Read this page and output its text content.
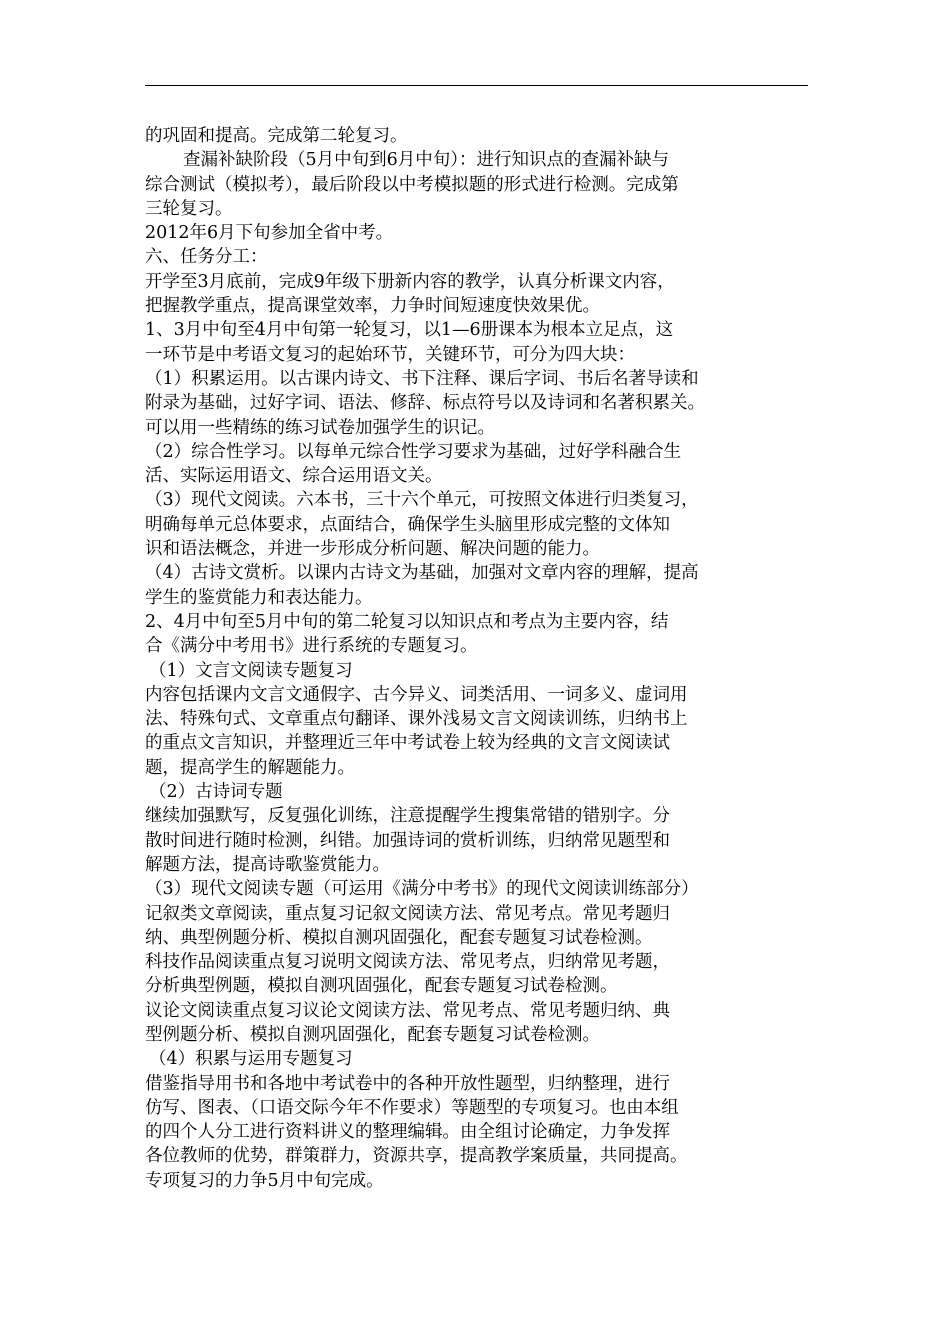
的巩固和提高。完成第二轮复习。

查漏补缺阶段（5月中旬到6月中旬）：进行知识点的查漏补缺与

综合测试（模拟考），最后阶段以中考模拟题的形式进行检测。完成第

三轮复习。

2012年6月下旬参加全省中考。

六、任务分工：

开学至3月底前，完成9年级下册新内容的教学，认真分析课文内容，

把握教学重点，提高课堂效率，力争时间短速度快效果优。

1、3月中旬至4月中旬第一轮复习，以1—6册课本为根本立足点，这

一环节是中考语文复习的起始环节，关键环节，可分为四大块：

（1）积累运用。以古课内诗文、书下注释、课后字词、书后名著导读和

附录为基础，过好字词、语法、修辞、标点符号以及诗词和名著积累关。

可以用一些精练的练习试卷加强学生的识记。

（2）综合性学习。以每单元综合性学习要求为基础，过好学科融合生

活、实际运用语文、综合运用语文关。

（3）现代文阅读。六本书，三十六个单元，可按照文体进行归类复习，

明确每单元总体要求，点面结合，确保学生头脑里形成完整的文体知

识和语法概念，并进一步形成分析问题、解决问题的能力。

（4）古诗文赏析。以课内古诗文为基础，加强对文章内容的理解，提高

学生的鉴赏能力和表达能力。

2、4月中旬至5月中旬的第二轮复习以知识点和考点为主要内容，结

合《满分中考用书》进行系统的专题复习。

（1）文言文阅读专题复习

内容包括课内文言文通假字、古今异义、词类活用、一词多义、虚词用

法、特殊句式、文章重点句翻译、课外浅易文言文阅读训练，归纳书上

的重点文言知识，并整理近三年中考试卷上较为经典的文言文阅读试

题，提高学生的解题能力。

（2）古诗词专题

继续加强默写，反复强化训练，注意提醒学生搜集常错的错别字。分

散时间进行随时检测，纠错。加强诗词的赏析训练，归纳常见题型和

解题方法，提高诗歌鉴赏能力。

（3）现代文阅读专题（可运用《满分中考书》的现代文阅读训练部分）

记叙类文章阅读，重点复习记叙文阅读方法、常见考点。常见考题归

纳、典型例题分析、模拟自测巩固强化，配套专题复习试卷检测。

科技作品阅读重点复习说明文阅读方法、常见考点，归纳常见考题，

分析典型例题，模拟自测巩固强化，配套专题复习试卷检测。

议论文阅读重点复习议论文阅读方法、常见考点、常见考题归纳、典

型例题分析、模拟自测巩固强化，配套专题复习试卷检测。

（4）积累与运用专题复习

借鉴指导用书和各地中考试卷中的各种开放性题型，归纳整理，进行

仿写、图表、（口语交际今年不作要求）等题型的专项复习。也由本组

的四个人分工进行资料讲义的整理编辑。由全组讨论确定，力争发挥

各位教师的优势，群策群力，资源共享，提高教学案质量，共同提高。

专项复习的力争5月中旬完成。
